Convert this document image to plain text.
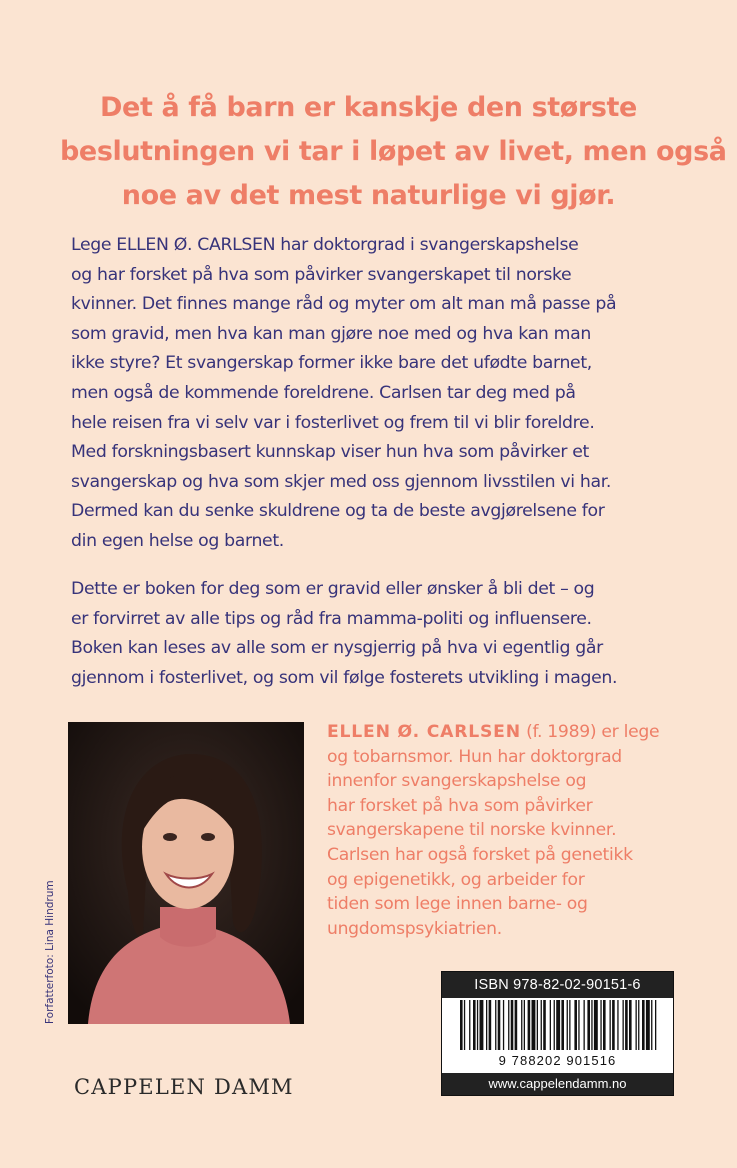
Det å få barn er kanskje den største
beslutningen vi tar i løpet av livet, men også
noe av det mest naturlige vi gjør.
Lege ELLEN Ø. CARLSEN har doktorgrad i svangerskapshelse
og har forsket på hva som påvirker svangerskapet til norske
kvinner. Det finnes mange råd og myter om alt man må passe på
som gravid, men hva kan man gjøre noe med og hva kan man
ikke styre? Et svangerskap former ikke bare det ufødte barnet,
men også de kommende foreldrene. Carlsen tar deg med på
hele reisen fra vi selv var i fosterlivet og frem til vi blir foreldre.
Med forskningsbasert kunnskap viser hun hva som påvirker et
svangerskap og hva som skjer med oss gjennom livsstilen vi har.
Dermed kan du senke skuldrene og ta de beste avgjørelsene for
din egen helse og barnet.
Dette er boken for deg som er gravid eller ønsker å bli det – og
er forvirret av alle tips og råd fra mamma-politi og influensere.
Boken kan leses av alle som er nysgjerrig på hva vi egentlig går
gjennom i fosterlivet, og som vil følge fosterets utvikling i magen.
Forfatterfoto: Lina Hindrum
ELLEN Ø. CARLSEN (f. 1989) er lege
og tobarnsmor. Hun har doktorgrad
innenfor svangerskapshelse og
har forsket på hva som påvirker
svangerskapene til norske kvinner.
Carlsen har også forsket på genetikk
og epigenetikk, og arbeider for
tiden som lege innen barne- og
ungdomspsykiatrien.
ISBN 978-82-02-90151-6
9 788202 901516
www.cappelendamm.no
CAPPELEN DAMM
